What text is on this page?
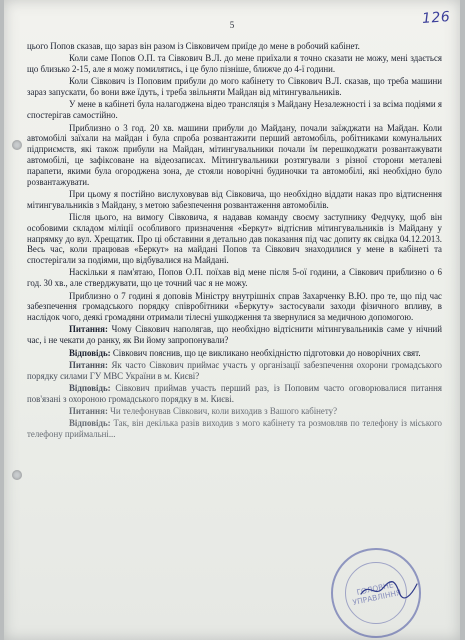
5	126

цього Попов сказав, що зараз він разом із Сівковичем приїде до мене в робочий кабінет.

Коли саме Попов О.П. та Сівкович В.Л. до мене приїхали я точно сказати не можу, мені здається що близько 2-15, але я можу помилятись, і це було пізніше, ближче до 4-ї години.

Коли Сівкович із Поповим прибули до мого кабінету то Сівкович В.Л. сказав, що треба машини зараз запускати, бо вони вже їдуть, і треба звільняти Майдан від мітингувальників.

У мене в кабінеті була налагоджена відео трансляція з Майдану Незалежності і за всіма подіями я спостерігав самостійно.

Приблизно о 3 год. 20 хв. машини прибули до Майдану, почали заїжджати на Майдан. Коли автомобілі заїхали на майдан і була спроба розвантажити перший автомобіль, робітниками комунальних підприємств, які також прибули на Майдан, мітингувальники почали їм перешкоджати розвантажувати автомобілі, це зафіксоване на відеозаписах. Мітингувальники розтягували з різної сторони металеві парапети, якими була огороджена зона, де стояли новорічні будиночки та автомобілі, які необхідно було розвантажувати.

При цьому я постійно вислуховував від Сівковича, що необхідно віддати наказ про відтиснення мітингувальників з Майдану, з метою забезпечення розвантаження автомобілів.

Після цього, на вимогу Сівковича, я надавав команду своєму заступнику Федчуку, щоб він особовими складом міліції особливого призначення «Беркут» відтіснив мітингувальників із Майдану у напрямку до вул. Хрещатик. Про ці обставини я детально дав показання під час допиту як свідка 04.12.2013. Весь час, коли працював «Беркут» на майдані Попов та Сівкович знаходилися у мене в кабінеті та спостерігали за подіями, що відбувалися на Майдані.

Наскільки я пам'ятаю, Попов О.П. поїхав від мене після 5-ої години, а Сівкович приблизно о 6 год. 30 хв., але стверджувати, що це точний час я не можу.

Приблизно о 7 годині я доповів Міністру внутрішніх справ Захарченку В.Ю. про те, що під час забезпечення громадського порядку співробітники «Беркуту» застосували заходи фізичного впливу, в наслідок чого, деякі громадяни отримали тілесні ушкодження та звернулися за медичною допомогою.

Питання: Чому Сівкович наполягав, що необхідно відтіснити мітингувальників саме у нічний час, і не чекати до ранку, як Ви йому запропонували?

Відповідь: Сівкович пояснив, що це викликано необхідністю підготовки до новорічних свят.

Питання: Як часто Сівкович приймає участь у організації забезпечення охорони громадського порядку силами ГУ МВС України в м. Києві?

Відповідь: Сівкович приймав участь перший раз, із Поповим часто оговорювалися питання пов'язані з охороною громадського порядку в м. Києві.

Питання: Чи телефонував Сівкович, коли виходив з Вашого кабінету?

Відповідь: Так, він декілька разів виходив з мого кабінету та розмовляв по телефону із міського телефону приймальні...

ГОЛОВНЕ УПРАВЛІННЯ
